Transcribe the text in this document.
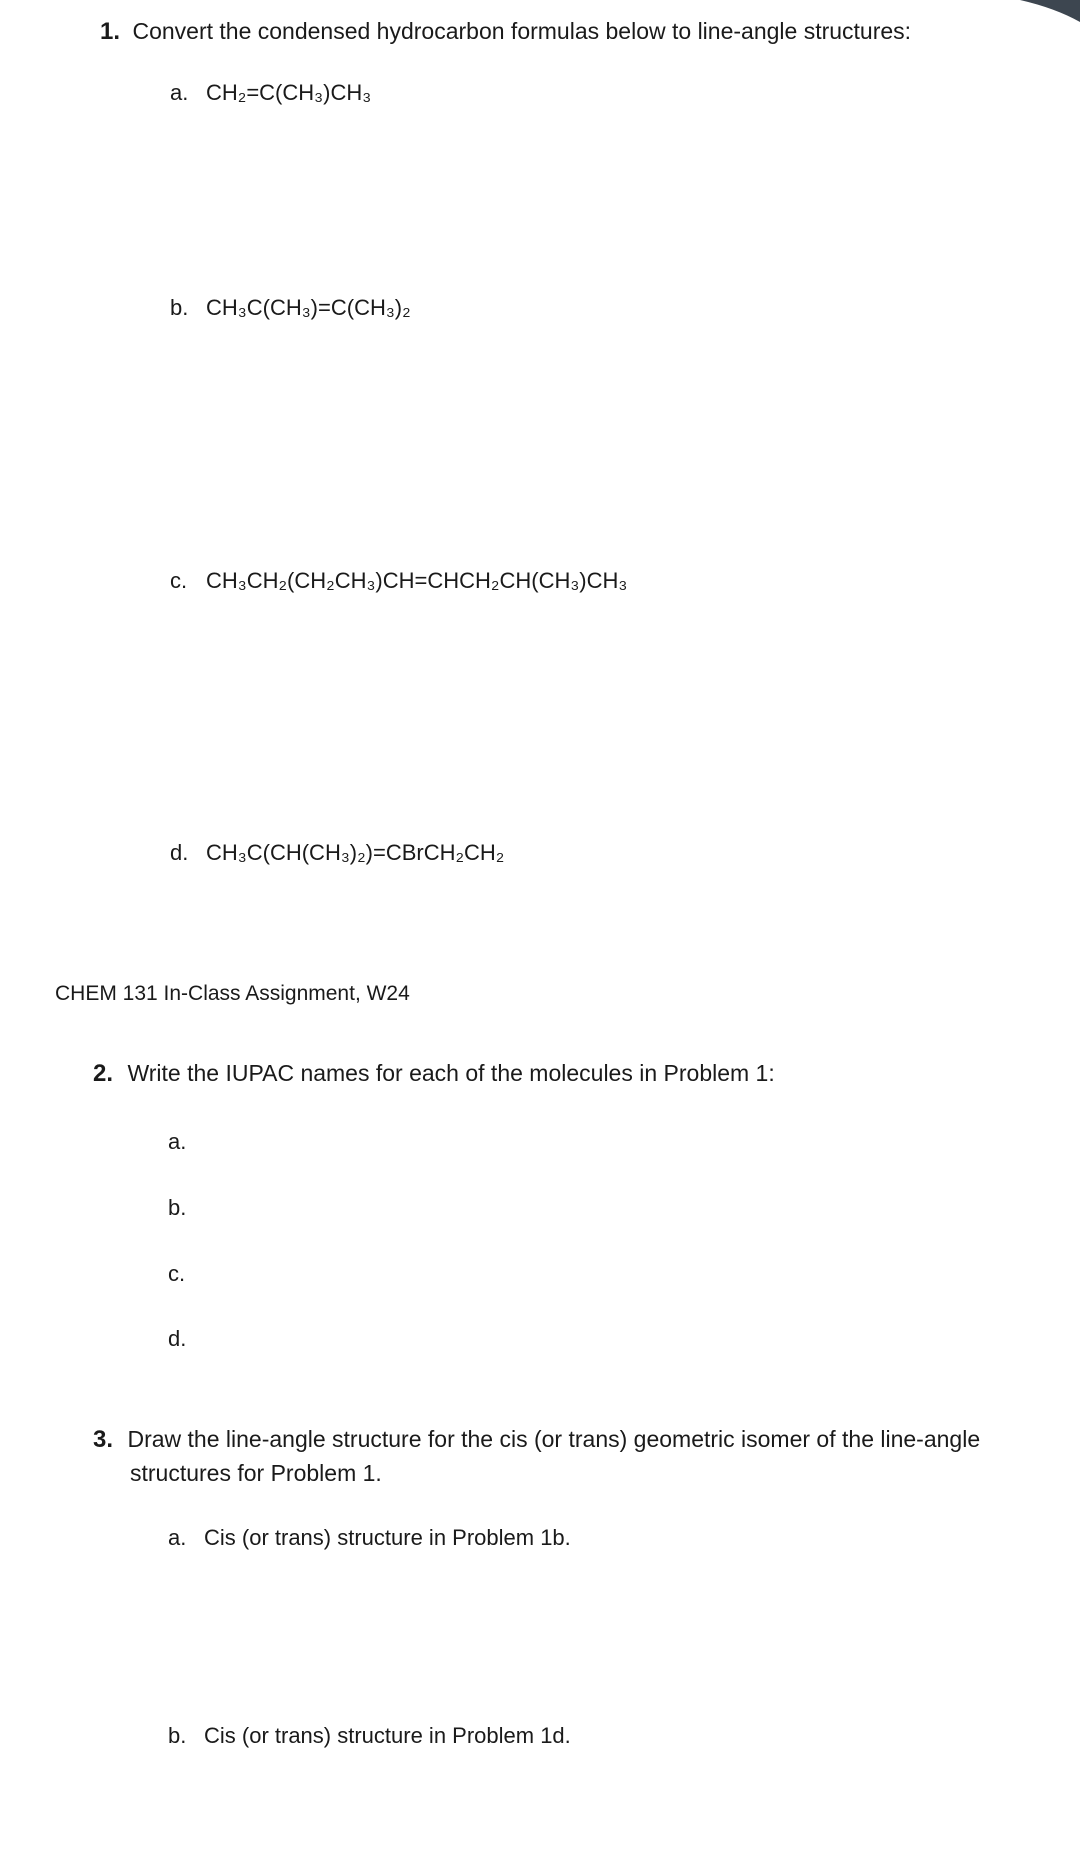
1. Convert the condensed hydrocarbon formulas below to line-angle structures:
a. CH₂=C(CH₃)CH₃
b. CH₃C(CH₃)=C(CH₃)₂
c. CH₃CH₂(CH₂CH₃)CH=CHCH₂CH(CH₃)CH₃
d. CH₃C(CH(CH₃)₂)=CBrCH₂CH₂
CHEM 131 In-Class Assignment, W24
2. Write the IUPAC names for each of the molecules in Problem 1:
a.
b.
c.
d.
3. Draw the line-angle structure for the cis (or trans) geometric isomer of the line-angle
structures for Problem 1.
a. Cis (or trans) structure in Problem 1b.
b. Cis (or trans) structure in Problem 1d.
